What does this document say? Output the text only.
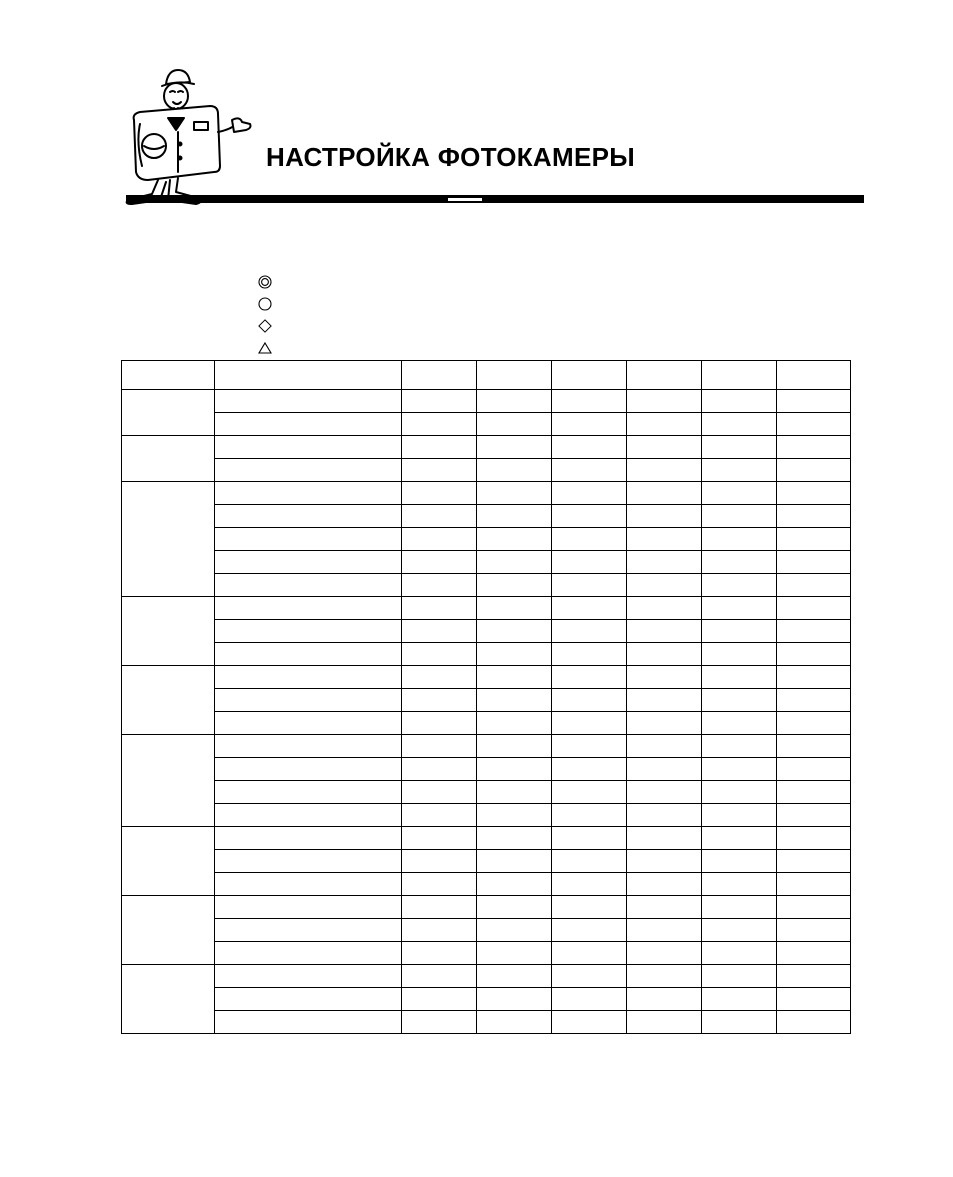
НАСТРОЙКА ФОТОКАМЕРЫ
